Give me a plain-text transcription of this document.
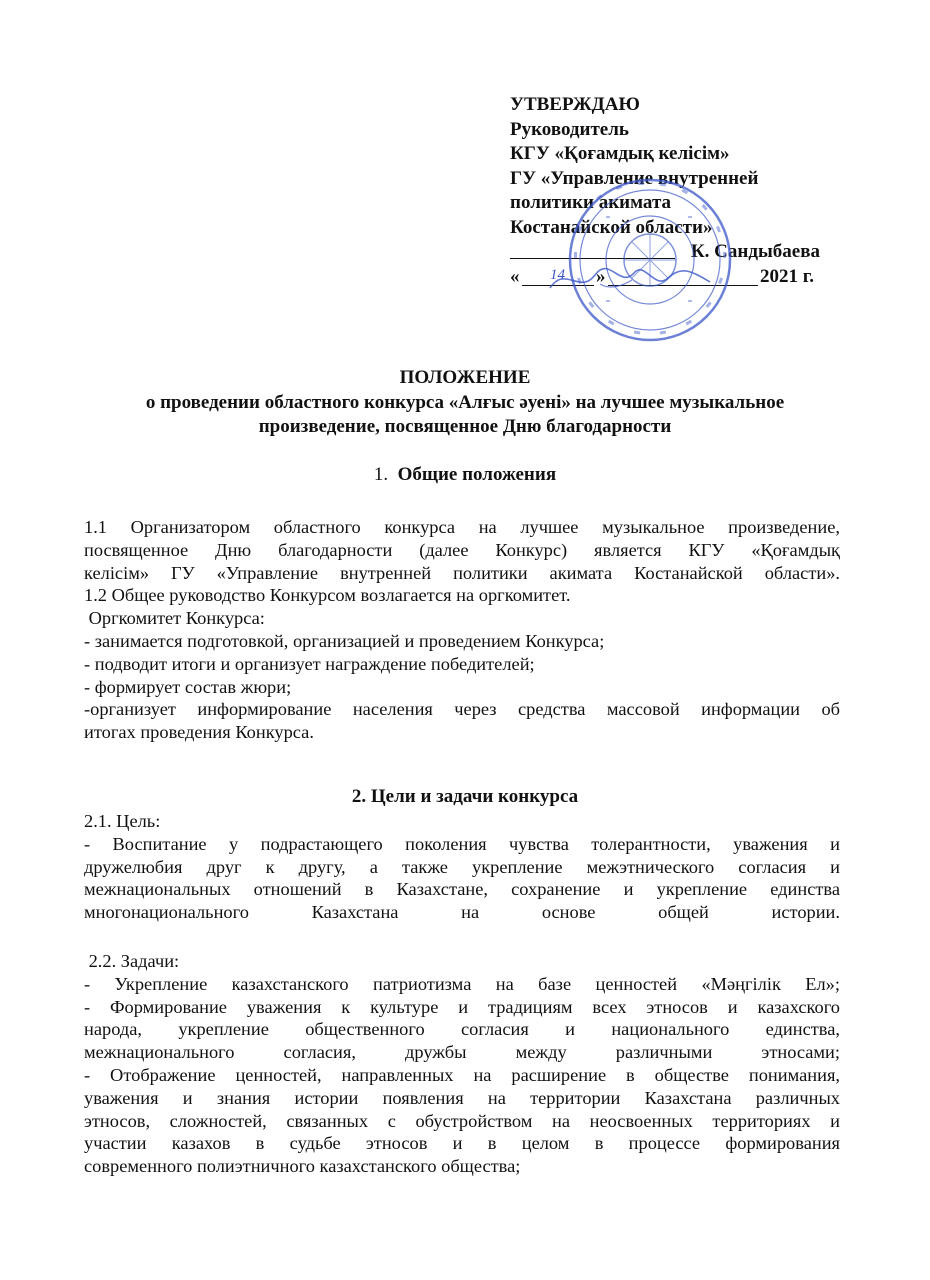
УТВЕРЖДАЮ
Руководитель
КГУ «Қоғамдық келісім»
ГУ «Управление внутренней
политики акимата
Костанайской области»
К. Сандыбаева
« 14 »	2021 г.
ПОЛОЖЕНИЕ
о проведении областного конкурса «Алғыс әуені» на лучшее музыкальное
произведение, посвященное Дню благодарности
1. Общие положения
1.1 Организатором областного конкурса на лучшее музыкальное произведение,
посвященное Дню благодарности (далее Конкурс) является КГУ «Қоғамдық
келісім» ГУ «Управление внутренней политики акимата Костанайской области».
1.2 Общее руководство Конкурсом возлагается на оргкомитет.
Оргкомитет Конкурса:
- занимается подготовкой, организацией и проведением Конкурса;
- подводит итоги и организует награждение победителей;
- формирует состав жюри;
-организует информирование населения через средства массовой информации об
итогах проведения Конкурса.
2. Цели и задачи конкурса
2.1. Цель:
- Воспитание у подрастающего поколения чувства толерантности, уважения и
дружелюбия друг к другу, а также укрепление межэтнического согласия и
межнациональных отношений в Казахстане, сохранение и укрепление единства
многонационального Казахстана на основе общей истории.
2.2. Задачи:
- Укрепление казахстанского патриотизма на базе ценностей «Мәңгілік Ел»;
- Формирование уважения к культуре и традициям всех этносов и казахского
народа, укрепление общественного согласия и национального единства,
межнационального согласия, дружбы между различными этносами;
- Отображение ценностей, направленных на расширение в обществе понимания,
уважения и знания истории появления на территории Казахстана различных
этносов, сложностей, связанных с обустройством на неосвоенных территориях и
участии казахов в судьбе этносов и в целом в процессе формирования
современного полиэтничного казахстанского общества;
